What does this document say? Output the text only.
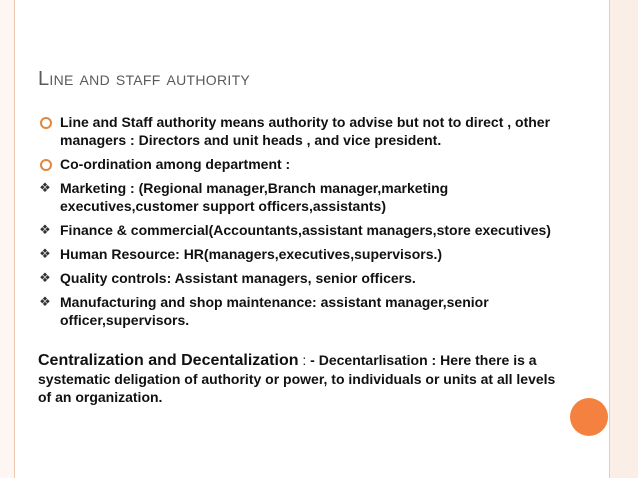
Line and staff authority
Line and Staff authority means authority to advise but not to direct , other managers : Directors and unit heads , and vice president.
Co-ordination among department :
❖ Marketing : (Regional manager,Branch manager,marketing executives,customer support officers,assistants)
❖ Finance & commercial(Accountants,assistant managers,store executives)
❖ Human Resource: HR(managers,executives,supervisors.)
❖ Quality controls: Assistant managers, senior officers.
❖ Manufacturing and shop maintenance: assistant manager,senior officer,supervisors.
Centralization and Decentalization : - Decentarlisation : Here there is a systematic deligation of authority or power, to individuals or units at all levels of an organization.
